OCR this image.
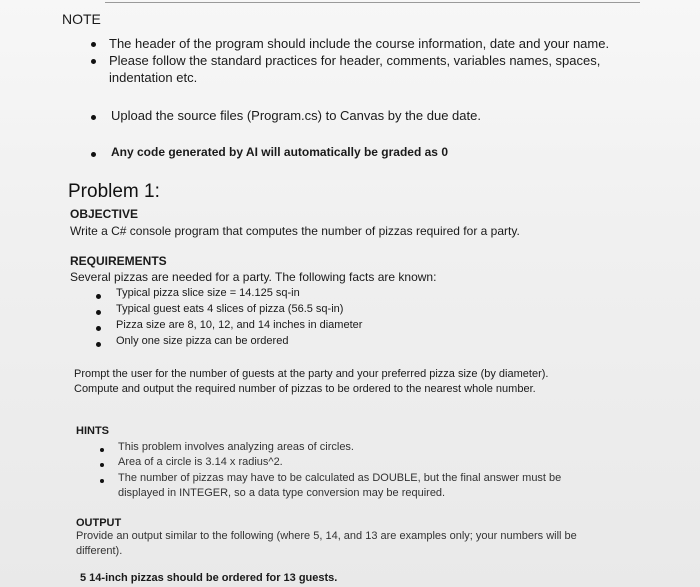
NOTE
The header of the program should include the course information, date and your name.
Please follow the standard practices for header, comments, variables names, spaces,
indentation etc.
Upload the source files (Program.cs) to Canvas by the due date.
Any code generated by AI will automatically be graded as 0
Problem 1:
OBJECTIVE
Write a C# console program that computes the number of pizzas required for a party.
REQUIREMENTS
Several pizzas are needed for a party. The following facts are known:
Typical pizza slice size = 14.125 sq-in
Typical guest eats 4 slices of pizza (56.5 sq-in)
Pizza size are 8, 10, 12, and 14 inches in diameter
Only one size pizza can be ordered
Prompt the user for the number of guests at the party and your preferred pizza size (by diameter).
Compute and output the required number of pizzas to be ordered to the nearest whole number.
HINTS
This problem involves analyzing areas of circles.
Area of a circle is 3.14 x radius^2.
The number of pizzas may have to be calculated as DOUBLE, but the final answer must be
displayed in INTEGER, so a data type conversion may be required.
OUTPUT
Provide an output similar to the following (where 5, 14, and 13 are examples only; your numbers will be
different).
5 14-inch pizzas should be ordered for 13 guests.
